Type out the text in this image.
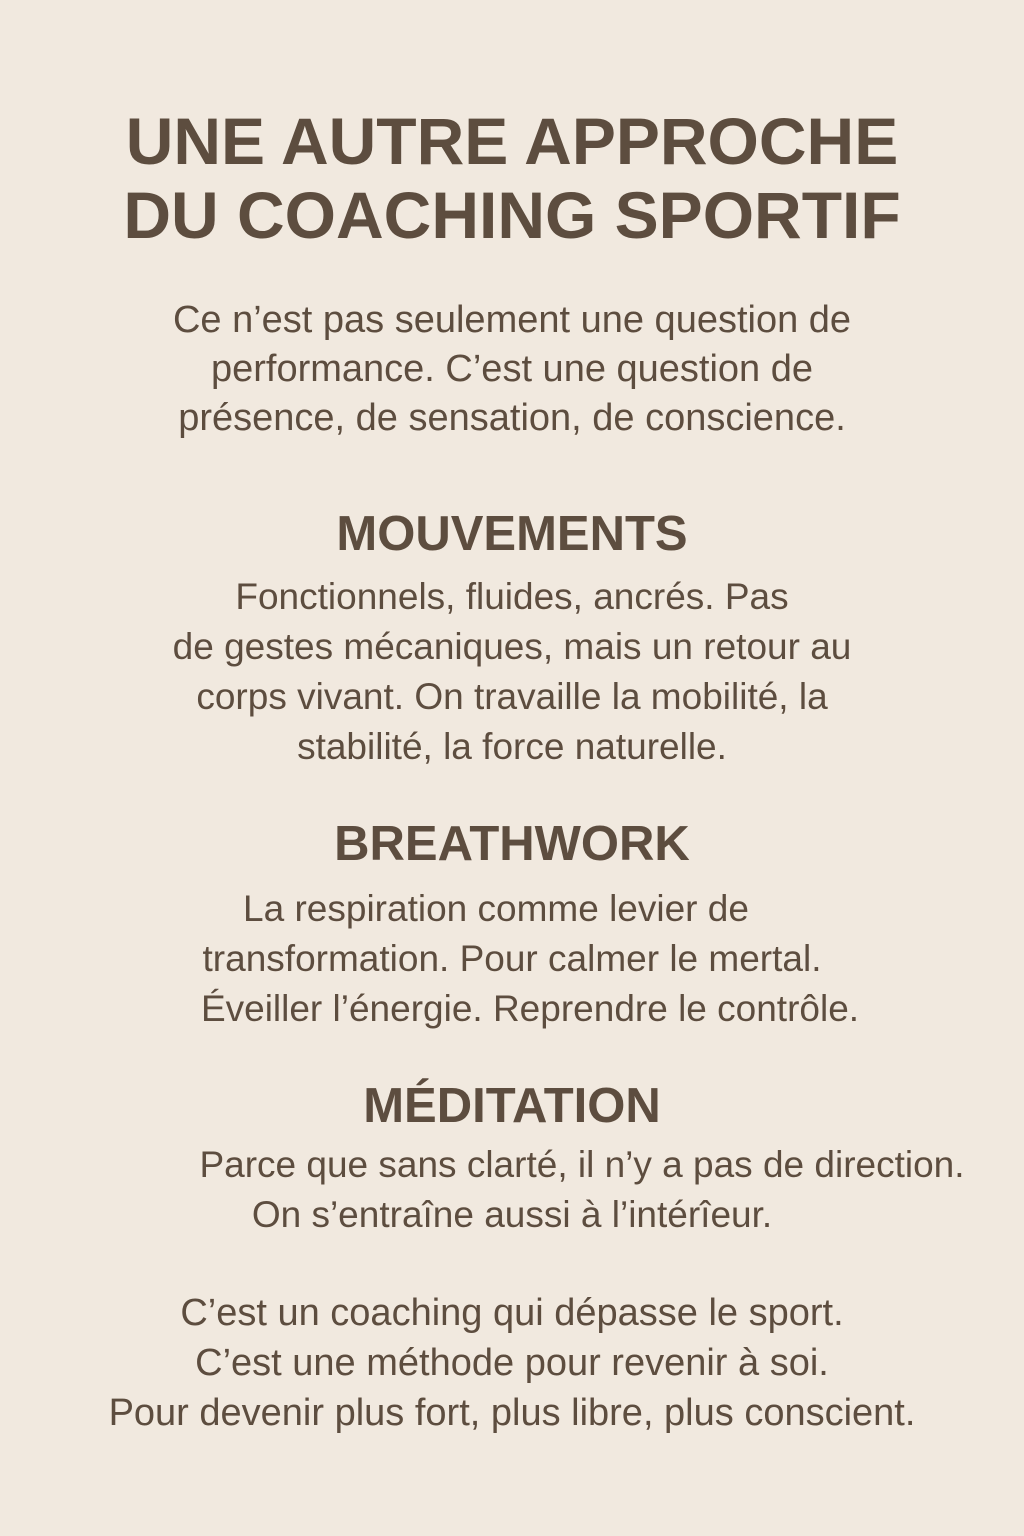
UNE AUTRE APPROCHE
DU COACHING SPORTIF

Ce n’est pas seulement une question de
performance. C’est une question de
présence, de sensation, de conscience.

MOUVEMENTS

Fonctionnels, fluides, ancrés. Pas
de gestes mécaniques, mais un retour au
corps vivant. On travaille la mobilité, la
stabilité, la force naturelle.

BREATHWORK

La respiration comme levier de
transformation. Pour calmer le mertal.
Éveiller l’énergie. Reprendre le contrôle.

MÉDITATION

Parce que sans clarté, il n’y a pas de direction.
On s’entraîne aussi à l’intérîeur.

C’est un coaching qui dépasse le sport.
C’est une méthode pour revenir à soi.
Pour devenir plus fort, plus libre, plus conscient.
